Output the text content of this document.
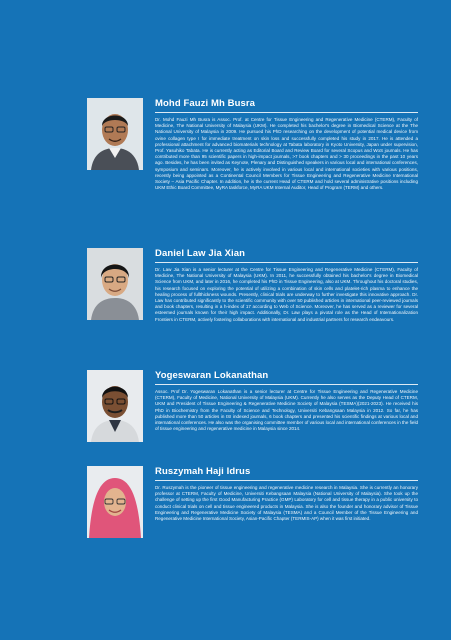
Mohd Fauzi Mh Busra

Dr. Mohd Fauzi Mh Busra is Assoc. Prof. at Centre for Tissue Engineering and Regenerative Medicine (CTERM), Faculty of Medicine, The National University of Malaysia (UKM). He completed his bachelor's degree in Biomedical Science at the The National University of Malaysia in 2009. He pursued his PhD researching on the development of potential medical device from ovine collagen type I for immediate treatment on skin loss and successfully completed his study in 2017. He is attended a professional attachment for advanced biomaterials technology at Tabata laboratory in Kyoto University, Japan under supervision, Prof. Yasuhiko Tabata. He is currently acting as Editorial Board and Review Board for several Scopus and WoS journals. He has contributed more than 95 scientific papers in high-impact journals, >7 book chapters and > 30 proceedings in the past 10 years ago. Besides, he has been invited as Keynote, Plenary and Distinguished speakers in various local and international conferences, symposium and seminars. Moreover, he is actively involved in various local and international societies with various positions, recently being appointed as a Continental Council Members for Tissue Engineering and Regenerative Medicine International Society – Asia Pacific Chapter. In addition, he is the current Head of CTERM and hold several administrative positions including UKM Ethic Board Committee, MyRA taskforce, MyRA UKM Internal Auditor, Head of Program (TERM) and others.

Daniel Law Jia Xian

Dr. Law Jia Xian is a senior lecturer at the Centre for Tissue Engineering and Regenerative Medicine (CTERM), Faculty of Medicine, The National University of Malaysia (UKM). In 2011, he successfully obtained his bachelor's degree in Biomedical Science from UKM, and later in 2016, he completed his PhD in Tissue Engineering, also at UKM. Throughout his doctoral studies, his research focused on exploring the potential of utilizing a combination of skin cells and platelet-rich plasma to enhance the healing process of fullthickness wounds. Presently, clinical trials are underway to further investigate this innovative approach. Dr. Law has contributed significantly to the scientific community with over 50 published articles in international peer-reviewed journals and book chapters, resulting in a h-index of 17 according to Web of Science. Moreover, he has served as a reviewer for several esteemed journals known for their high impact. Additionally, Dr. Law plays a pivotal role as the Head of Internationalization Frontiers in CTERM, actively fostering collaborations with international and industrial partners for research endeavours.

Yogeswaran Lokanathan

Assoc. Prof Dr. Yogeswaran Lokanathan is a senior lecturer at Centre for Tissue Engineering and Regenerative Medicine (CTERM), Faculty of Medicine, National University of Malaysia (UKM). Currently he also serves as the Deputy Head of CTERM, UKM and President of Tissue Engineering & Regenerative Medicine Society of Malaysia (TESMA)(2021-2023). He received his PhD in Biochemistry from the Faculty of Science and Technology, Universiti Kebangsaan Malaysia in 2012. So far, he has published more than 50 articles in ISI indexed journals, 6 book chapters and presented his scientific findings at various local and international conferences. He also was the organising committee member of various local and international conferences in the field of tissue engineering and regenerative medicine in Malaysia since 2014.

Ruszymah Haji Idrus

Dr. Ruszymah is the pioneer of tissue engineering and regenerative medicine research in Malaysia. She is currently an honorary professor at CTERM, Faculty of Medicine, Universiti Kebangsaan Malaysia (National University of Malaysia). She took up the challenge of setting up the first Good Manufacturing Practice (GMP) Laboratory for cell and tissue therapy in a public university to conduct clinical trials on cell and tissue engineered products in Malaysia. She is also the founder and honorary advisor of Tissue Engineering and Regenerative Medicine Society of Malaysia (TESMA) and a Council Member of the Tissue Engineering and Regenerative Medicine International Society, Asian-Pacific Chapter (TERMIS-AP) when it was first initiated.
